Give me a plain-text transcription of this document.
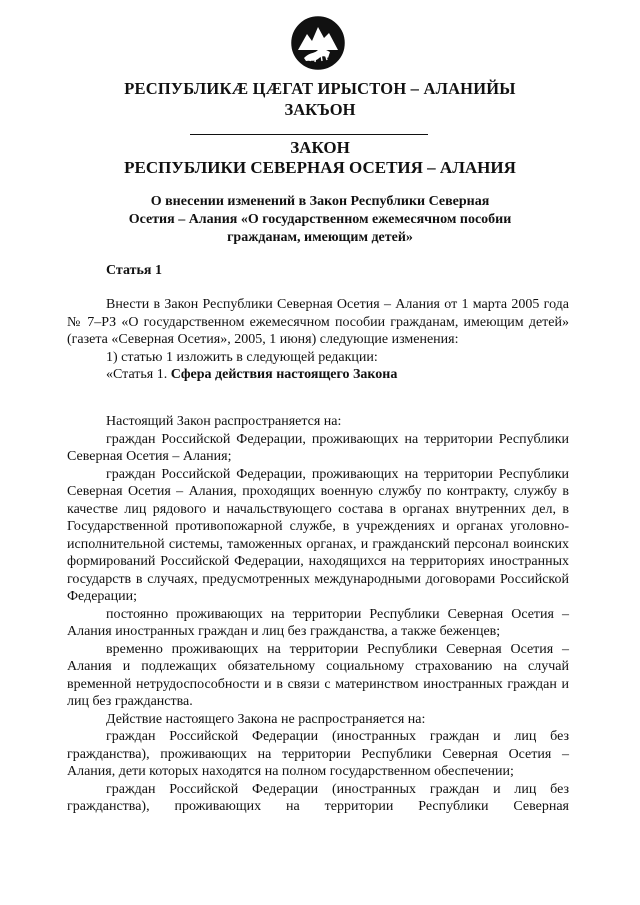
РЕСПУБЛИКÆ ЦÆГАТ ИРЫСТОН – АЛАНИЙЫ
ЗАКЪОН
ЗАКОН
РЕСПУБЛИКИ СЕВЕРНАЯ ОСЕТИЯ – АЛАНИЯ
О внесении изменений в Закон Республики Северная
Осетия – Алания «О государственном ежемесячном пособии
гражданам, имеющим детей»
Статья 1

Внести в Закон Республики Северная Осетия – Алания от 1 марта 2005 года № 7–РЗ «О государственном ежемесячном пособии гражданам, имеющим детей» (газета «Северная Осетия», 2005, 1 июня) следующие изменения:

1) статью 1 изложить в следующей редакции:

«Статья 1. Сфера действия настоящего Закона

Настоящий Закон распространяется на:

граждан Российской Федерации, проживающих на территории Республики Северная Осетия – Алания;

граждан Российской Федерации, проживающих на территории Республики Северная Осетия – Алания, проходящих военную службу по контракту, службу в качестве лиц рядового и начальствующего состава в органах внутренних дел, в Государственной противопожарной службе, в учреждениях и органах уголовно-исполнительной системы, таможенных органах, и гражданский персонал воинских формирований Российской Федерации, находящихся на территориях иностранных государств в случаях, предусмотренных международными договорами Российской Федерации;

постоянно проживающих на территории Республики Северная Осетия – Алания иностранных граждан и лиц без гражданства, а также беженцев;

временно проживающих на территории Республики Северная Осетия – Алания и подлежащих обязательному социальному страхованию на случай временной нетрудоспособности и в связи с материнством иностранных граждан и лиц без гражданства.

Действие настоящего Закона не распространяется на:

граждан Российской Федерации (иностранных граждан и лиц без гражданства), проживающих на территории Республики Северная Осетия – Алания, дети которых находятся на полном государственном обеспечении;

граждан Российской Федерации (иностранных граждан и лиц без гражданства), проживающих на территории Республики Северная
